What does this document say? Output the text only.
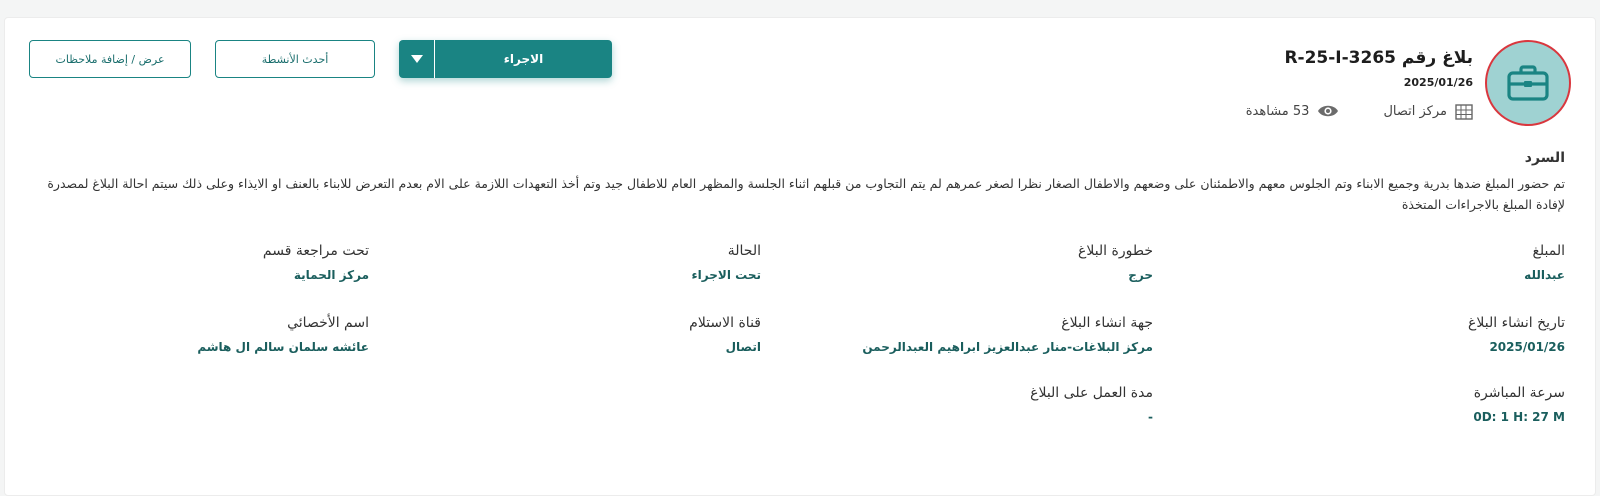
بلاغ رقم R-25-I-3265
2025/01/26
مركز اتصال
53 مشاهدة
الاجراء
أحدث الأنشطة
عرض / إضافة ملاحظات
السرد
تم حضور المبلغ ضدها بدرية وجميع الابناء وتم الجلوس معهم والاطمئنان على وضعهم والاطفال الصغار نظرا لصغر عمرهم لم يتم التجاوب من قبلهم اثناء الجلسة والمظهر العام للاطفال جيد وتم أخذ التعهدات اللازمة على الام بعدم التعرض للابناء بالعنف او الايذاء وعلى ذلك سيتم احالة البلاغ لمصدرة لإفادة المبلغ بالاجراءات المتخذة
المبلغ
عبدالله
خطورة البلاغ
حرج
الحالة
تحت الاجراء
تحت مراجعة قسم
مركز الحماية
تاريخ انشاء البلاغ
2025/01/26
جهة انشاء البلاغ
مركز البلاغات-منار عبدالعزيز ابراهيم العبدالرحمن
قناة الاستلام
اتصال
اسم الأخصائي
عائشه سلمان سالم ال هاشم
سرعة المباشرة
0D: 1 H: 27 M
مدة العمل على البلاغ
-
